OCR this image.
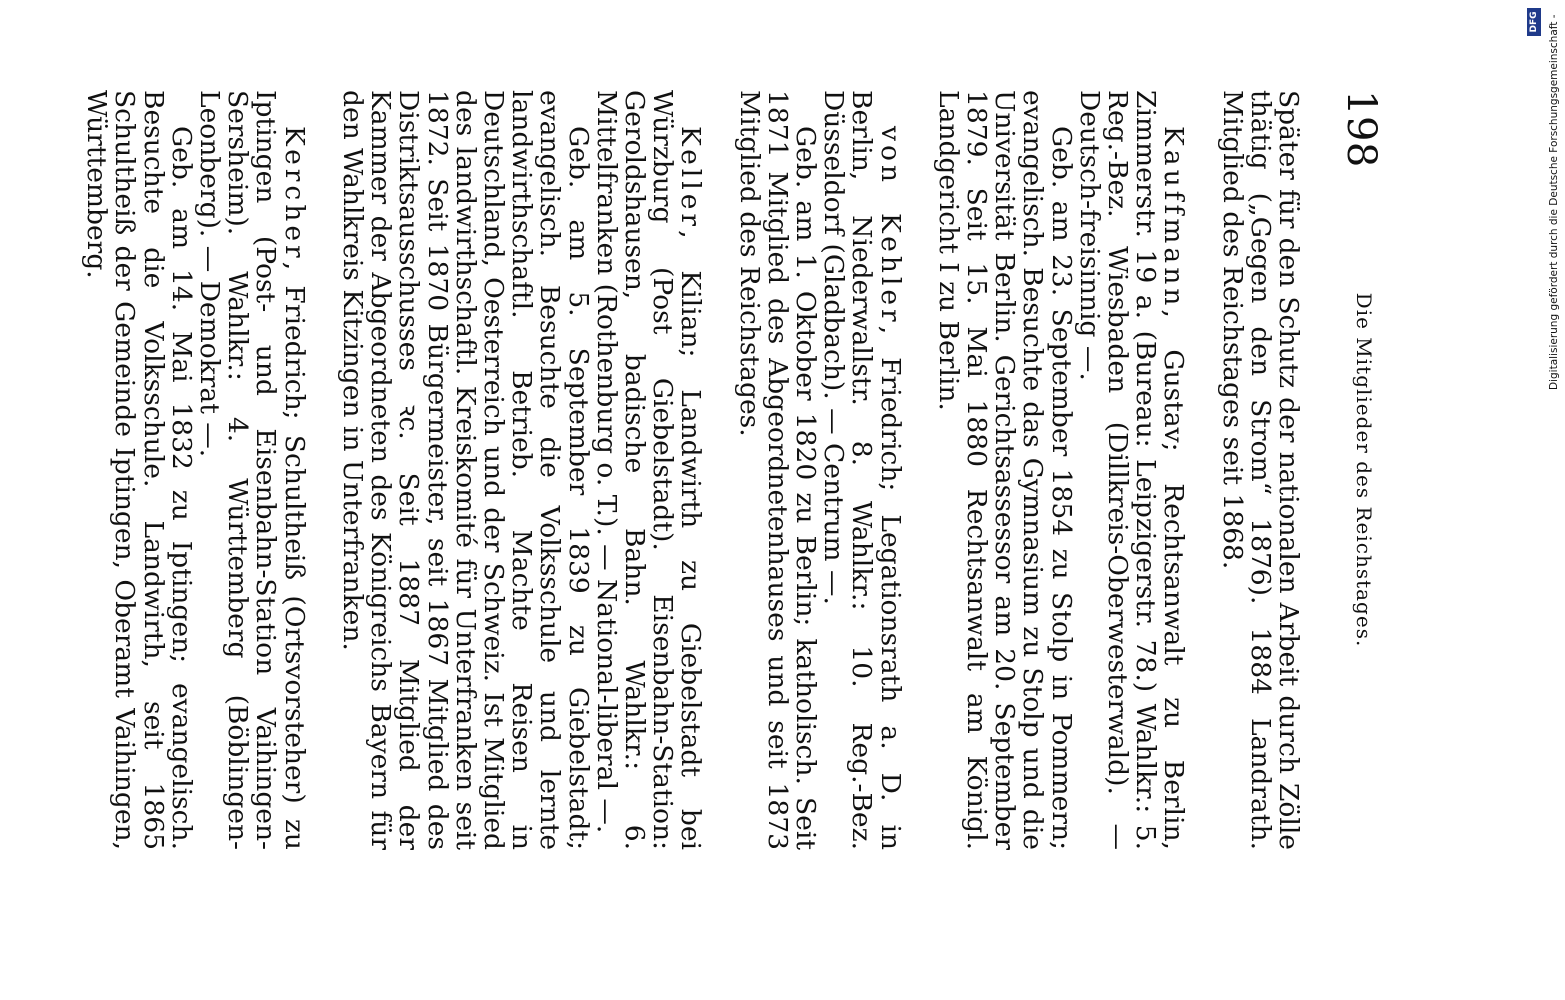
198
Die Mitglieder des Reichstages.

Später für den Schutz der nationalen Arbeit durch Zölle thätig („Gegen den Strom“ 1876). 1884 Landrath. Mitglied des Reichstages seit 1868.

Kauffmann, Gustav; Rechtsanwalt zu Berlin, Zimmerstr. 19 a. (Bureau: Leipzigerstr. 78.) Wahlkr.: 5. Reg.-Bez. Wiesbaden (Dillkreis-Oberwesterwald). — Deutsch-freisinnig —.

Geb. am 23. September 1854 zu Stolp in Pommern; evangelisch. Besuchte das Gymnasium zu Stolp und die Universität Berlin. Gerichtsassessor am 20. September 1879. Seit 15. Mai 1880 Rechtsanwalt am Königl. Landgericht I zu Berlin.

von Kehler, Friedrich; Legationsrath a. D. in Berlin, Niederwallstr. 8. Wahlkr.: 10. Reg.-Bez. Düsseldorf (Gladbach). — Centrum —.

Geb. am 1. Oktober 1820 zu Berlin; katholisch. Seit 1871 Mitglied des Abgeordnetenhauses und seit 1873 Mitglied des Reichstages.

Keller, Kilian; Landwirth zu Giebelstadt bei Würzburg (Post Giebelstadt). Eisenbahn-Station: Geroldshausen, badische Bahn. Wahlkr.: 6. Mittelfranken (Rothenburg o. T.). — National-liberal —.

Geb. am 5. September 1839 zu Giebelstadt; evangelisch. Besuchte die Volksschule und lernte landwirthschaftl. Betrieb. Machte Reisen in Deutschland, Oesterreich und der Schweiz. Ist Mitglied des landwirthschaftl. Kreiskomité für Unterfranken seit 1872. Seit 1870 Bürgermeister, seit 1867 Mitglied des Distriktsausschusses ꝛc. Seit 1887 Mitglied der Kammer der Abgeordneten des Königreichs Bayern für den Wahlkreis Kitzingen in Unterfranken.

Kercher, Friedrich; Schultheiß (Ortsvorsteher) zu Iptingen (Post- und Eisenbahn-Station Vaihingen-Sersheim). Wahlkr.: 4. Württemberg (Böblingen-Leonberg). — Demokrat —.

Geb. am 14. Mai 1832 zu Iptingen; evangelisch. Besuchte die Volksschule. Landwirth, seit 1865 Schultheiß der Gemeinde Iptingen, Oberamt Vaihingen, Württemberg.	Digitalisierung gefördert durch die Deutsche Forschungsgemeinschaft -
DFG
